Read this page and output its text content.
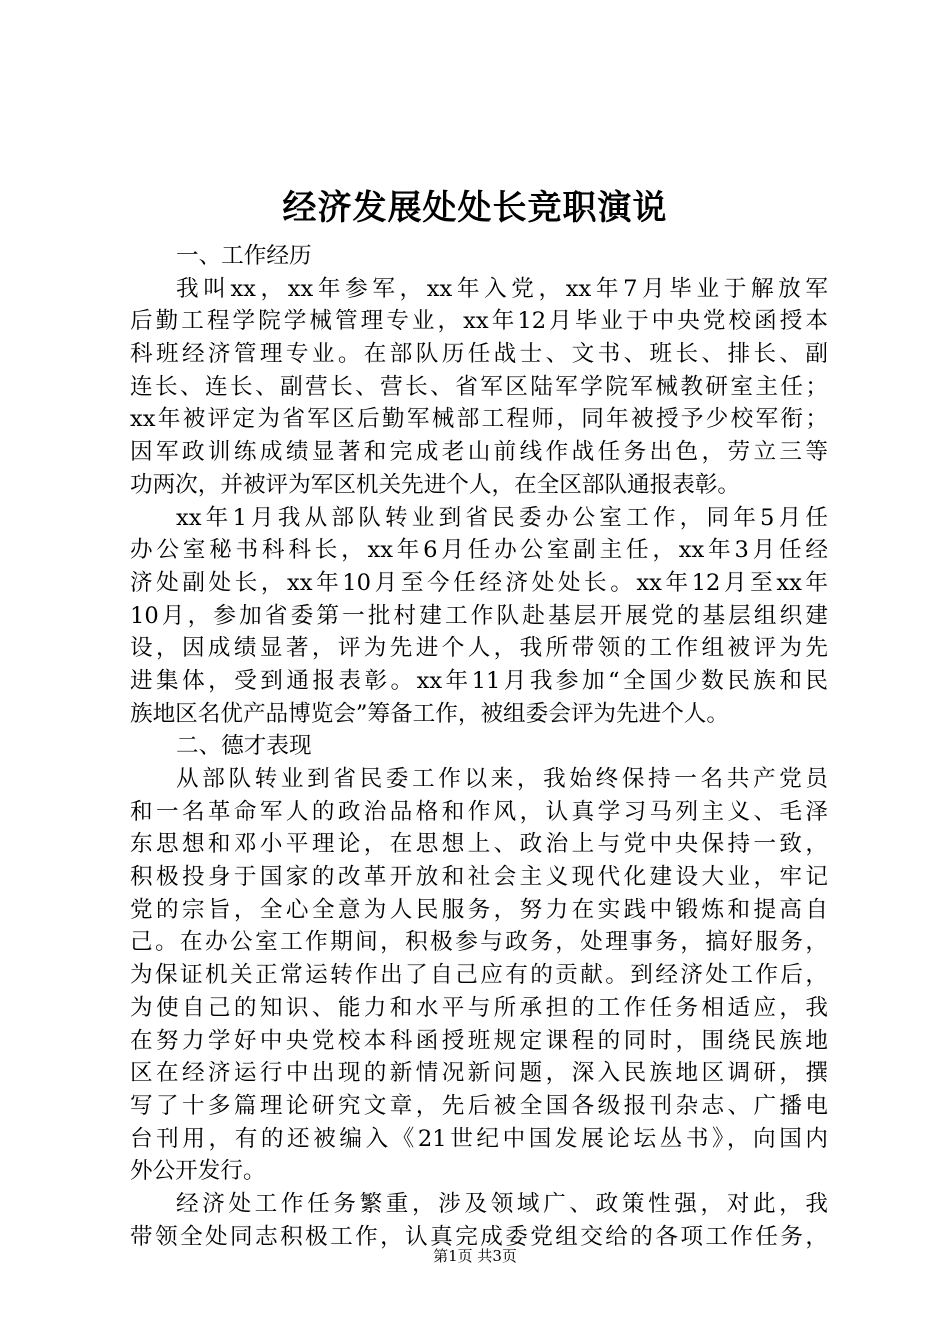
经济发展处处长竞职演说
一、工作经历
我叫xx，xx年参军，xx年入党，xx年7月毕业于解放军
后勤工程学院学械管理专业，xx年12月毕业于中央党校函授本
科班经济管理专业。在部队历任战士、文书、班长、排长、副
连长、连长、副营长、营长、省军区陆军学院军械教研室主任；
xx年被评定为省军区后勤军械部工程师，同年被授予少校军衔；
因军政训练成绩显著和完成老山前线作战任务出色，劳立三等
功两次，并被评为军区机关先进个人，在全区部队通报表彰。
xx年1月我从部队转业到省民委办公室工作，同年5月任
办公室秘书科科长，xx年6月任办公室副主任，xx年3月任经
济处副处长，xx年10月至今任经济处处长。xx年12月至xx年
10月，参加省委第一批村建工作队赴基层开展党的基层组织建
设，因成绩显著，评为先进个人，我所带领的工作组被评为先
进集体，受到通报表彰。xx年11月我参加“全国少数民族和民
族地区名优产品博览会”筹备工作，被组委会评为先进个人。
二、德才表现
从部队转业到省民委工作以来，我始终保持一名共产党员
和一名革命军人的政治品格和作风，认真学习马列主义、毛泽
东思想和邓小平理论，在思想上、政治上与党中央保持一致，
积极投身于国家的改革开放和社会主义现代化建设大业，牢记
党的宗旨，全心全意为人民服务，努力在实践中锻炼和提高自
己。在办公室工作期间，积极参与政务，处理事务，搞好服务，
为保证机关正常运转作出了自己应有的贡献。到经济处工作后，
为使自己的知识、能力和水平与所承担的工作任务相适应，我
在努力学好中央党校本科函授班规定课程的同时，围绕民族地
区在经济运行中出现的新情况新问题，深入民族地区调研，撰
写了十多篇理论研究文章，先后被全国各级报刊杂志、广播电
台刊用，有的还被编入《21世纪中国发展论坛丛书》，向国内
外公开发行。
经济处工作任务繁重，涉及领域广、政策性强，对此，我
带领全处同志积极工作，认真完成委党组交给的各项工作任务，
第1页 共3页
